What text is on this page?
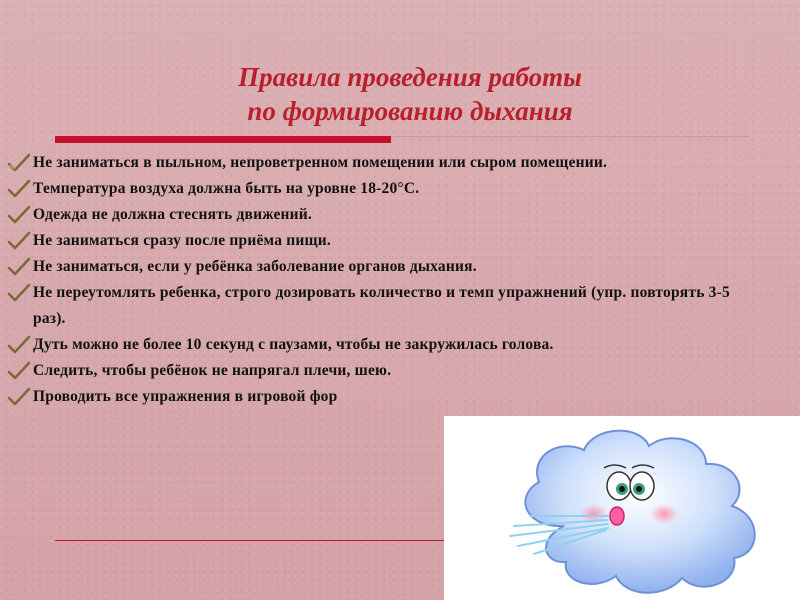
Правила проведения работы
по формированию дыхания
Не заниматься в пыльном, непроветренном помещении или сыром помещении.
Температура воздуха должна быть на уровне 18-20°С.
Одежда не должна стеснять движений.
Не заниматься сразу после приёма пищи.
Не заниматься, если у ребёнка заболевание органов дыхания.
Не переутомлять ребенка, строго дозировать количество и темп упражнений (упр. повторять 3-5 раз).
Дуть можно не более 10 секунд с паузами, чтобы не закружилась голова.
Следить, чтобы ребёнок не напрягал плечи, шею.
Проводить все упражнения в игровой фор
